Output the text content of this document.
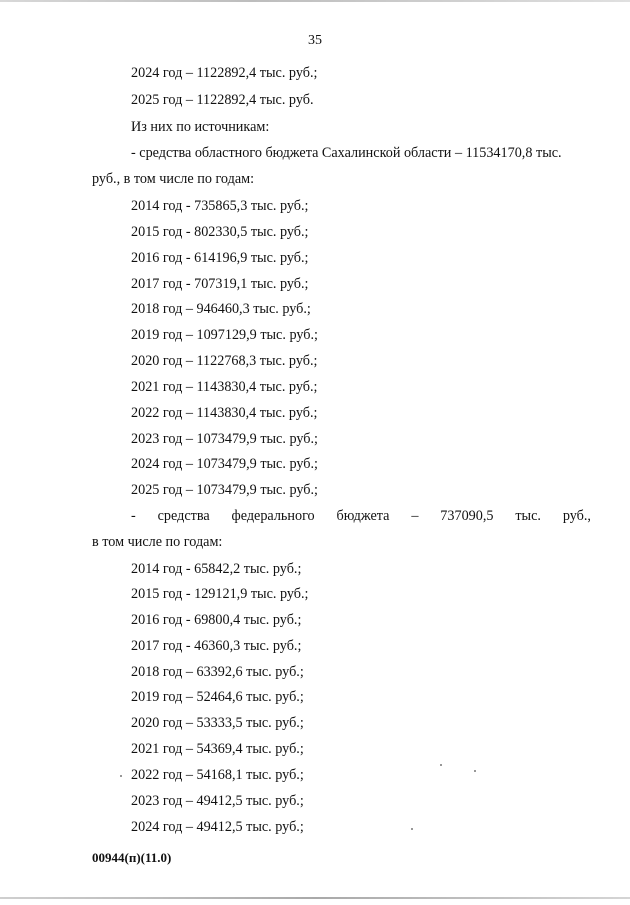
35
2024 год – 1122892,4 тыс. руб.;
2025 год – 1122892,4 тыс. руб.
Из них по источникам:
- средства областного бюджета Сахалинской области – 11534170,8 тыс.
руб., в том числе по годам:
2014 год - 735865,3 тыс. руб.;
2015 год - 802330,5 тыс. руб.;
2016 год - 614196,9 тыс. руб.;
2017 год - 707319,1 тыс. руб.;
2018 год – 946460,3 тыс. руб.;
2019 год – 1097129,9 тыс. руб.;
2020 год – 1122768,3 тыс. руб.;
2021 год – 1143830,4 тыс. руб.;
2022 год – 1143830,4 тыс. руб.;
2023 год – 1073479,9 тыс. руб.;
2024 год – 1073479,9 тыс. руб.;
2025 год – 1073479,9 тыс. руб.;
- средства федерального бюджета – 737090,5 тыс. руб.,
в том числе по годам:
2014 год - 65842,2 тыс. руб.;
2015 год - 129121,9 тыс. руб.;
2016 год - 69800,4 тыс. руб.;
2017 год - 46360,3 тыс. руб.;
2018 год – 63392,6 тыс. руб.;
2019 год – 52464,6 тыс. руб.;
2020 год – 53333,5 тыс. руб.;
2021 год – 54369,4 тыс. руб.;
2022 год – 54168,1 тыс. руб.;
2023 год – 49412,5 тыс. руб.;
2024 год – 49412,5 тыс. руб.;
00944(п)(11.0)
